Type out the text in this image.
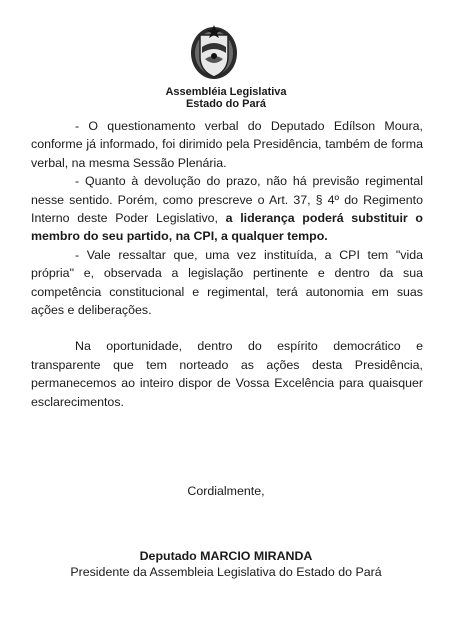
Assembléia Legislativa
Estado do Pará

- O questionamento verbal do Deputado Edílson Moura, conforme já informado, foi dirimido pela Presidência, também de forma verbal, na mesma Sessão Plenária.

- Quanto à devolução do prazo, não há previsão regimental nesse sentido. Porém, como prescreve o Art. 37, § 4º do Regimento Interno deste Poder Legislativo, a liderança poderá substituir o membro do seu partido, na CPI, a qualquer tempo.

- Vale ressaltar que, uma vez instituída, a CPI tem "vida própria" e, observada a legislação pertinente e dentro da sua competência constitucional e regimental, terá autonomia em suas ações e deliberações.

Na oportunidade, dentro do espírito democrático e transparente que tem norteado as ações desta Presidência, permanecemos ao inteiro dispor de Vossa Excelência para quaisquer esclarecimentos.

Cordialmente,
Deputado MARCIO MIRANDA
Presidente da Assembleia Legislativa do Estado do Pará
